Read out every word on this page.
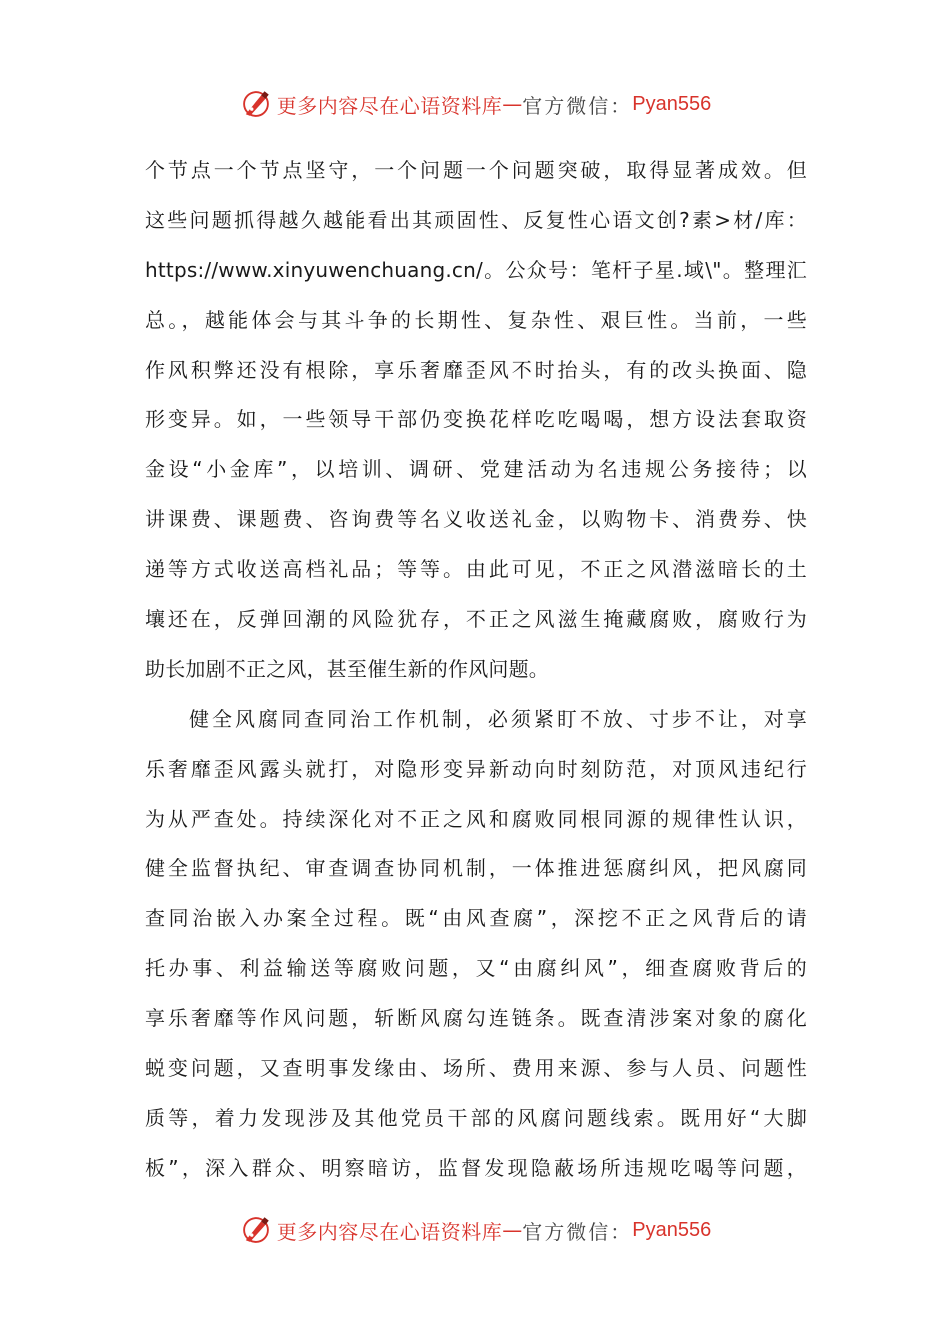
更多内容尽在心语资料库 — 官方微信： Pyan556
个节点一个节点坚守，一个问题一个问题突破，取得显著成效。但
这些问题抓得越久越能看出其顽固性、反复性心语文创?素>材/库：
https://www.xinyuwenchuang.cn/。公众号：笔杆子星.域\"。整理汇
总。，越能体会与其斗争的长期性、复杂性、艰巨性。当前，一些
作风积弊还没有根除，享乐奢靡歪风不时抬头，有的改头换面、隐
形变异。如，一些领导干部仍变换花样吃吃喝喝，想方设法套取资
金设“小金库”，以培训、调研、党建活动为名违规公务接待；以
讲课费、课题费、咨询费等名义收送礼金，以购物卡、消费券、快
递等方式收送高档礼品；等等。由此可见，不正之风潜滋暗长的土
壤还在，反弹回潮的风险犹存，不正之风滋生掩藏腐败，腐败行为
助长加剧不正之风，甚至催生新的作风问题。
健全风腐同查同治工作机制，必须紧盯不放、寸步不让，对享
乐奢靡歪风露头就打，对隐形变异新动向时刻防范，对顶风违纪行
为从严查处。持续深化对不正之风和腐败同根同源的规律性认识，
健全监督执纪、审查调查协同机制，一体推进惩腐纠风，把风腐同
查同治嵌入办案全过程。既“由风查腐”，深挖不正之风背后的请
托办事、利益输送等腐败问题，又“由腐纠风”，细查腐败背后的
享乐奢靡等作风问题，斩断风腐勾连链条。既查清涉案对象的腐化
蜕变问题，又查明事发缘由、场所、费用来源、参与人员、问题性
质等，着力发现涉及其他党员干部的风腐问题线索。既用好“大脚
板”，深入群众、明察暗访，监督发现隐蔽场所违规吃喝等问题，
更多内容尽在心语资料库 — 官方微信： Pyan556
